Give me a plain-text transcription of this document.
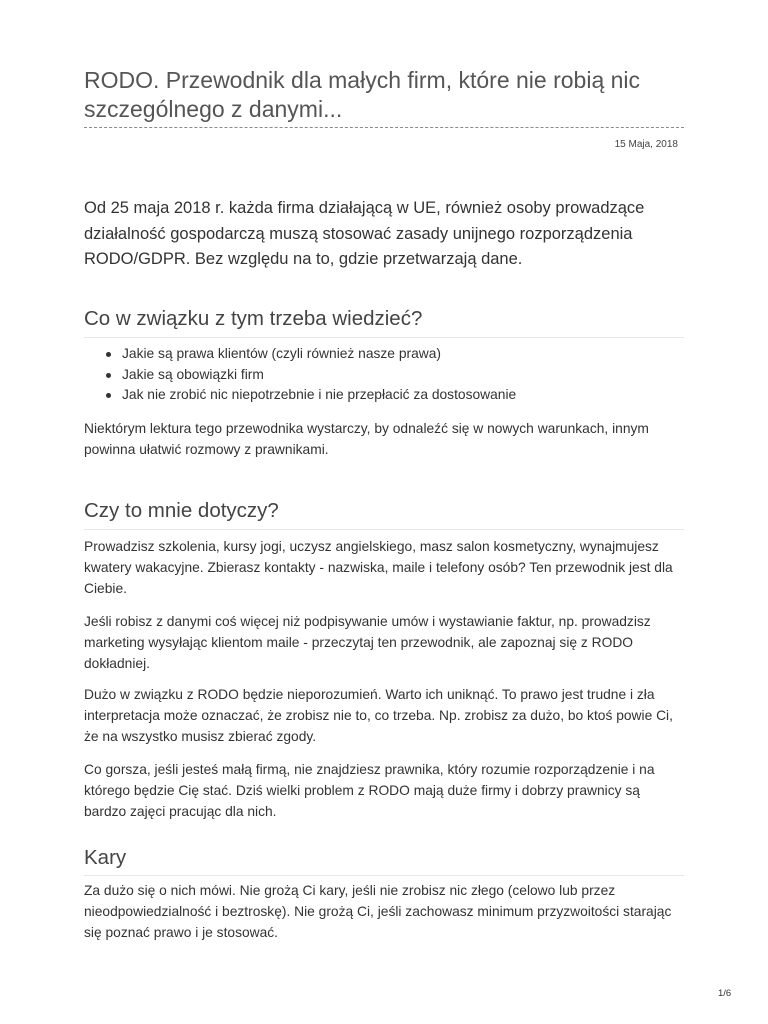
RODO. Przewodnik dla małych firm, które nie robią nic szczególnego z danymi...
15 Maja, 2018

Od 25 maja 2018 r. każda firma działającą w UE, również osoby prowadzące działalność gospodarczą muszą stosować zasady unijnego rozporządzenia RODO/GDPR. Bez względu na to, gdzie przetwarzają dane.

Co w związku z tym trzeba wiedzieć?
Jakie są prawa klientów (czyli również nasze prawa)
Jakie są obowiązki firm
Jak nie zrobić nic niepotrzebnie i nie przepłacić za dostosowanie

Niektórym lektura tego przewodnika wystarczy, by odnaleźć się w nowych warunkach, innym powinna ułatwić rozmowy z prawnikami.

Czy to mnie dotyczy?

Prowadzisz szkolenia, kursy jogi, uczysz angielskiego, masz salon kosmetyczny, wynajmujesz kwatery wakacyjne. Zbierasz kontakty - nazwiska, maile i telefony osób? Ten przewodnik jest dla Ciebie.

Jeśli robisz z danymi coś więcej niż podpisywanie umów i wystawianie faktur, np. prowadzisz marketing wysyłając klientom maile - przeczytaj ten przewodnik, ale zapoznaj się z RODO dokładniej.

Dużo w związku z RODO będzie nieporozumień. Warto ich uniknąć. To prawo jest trudne i zła interpretacja może oznaczać, że zrobisz nie to, co trzeba. Np. zrobisz za dużo, bo ktoś powie Ci, że na wszystko musisz zbierać zgody.

Co gorsza, jeśli jesteś małą firmą, nie znajdziesz prawnika, który rozumie rozporządzenie i na którego będzie Cię stać. Dziś wielki problem z RODO mają duże firmy i dobrzy prawnicy są bardzo zajęci pracując dla nich.

Kary

Za dużo się o nich mówi. Nie grożą Ci kary, jeśli nie zrobisz nic złego (celowo lub przez nieodpowiedzialność i beztroskę). Nie grożą Ci, jeśli zachowasz minimum przyzwoitości starając się poznać prawo i je stosować.

1/6
